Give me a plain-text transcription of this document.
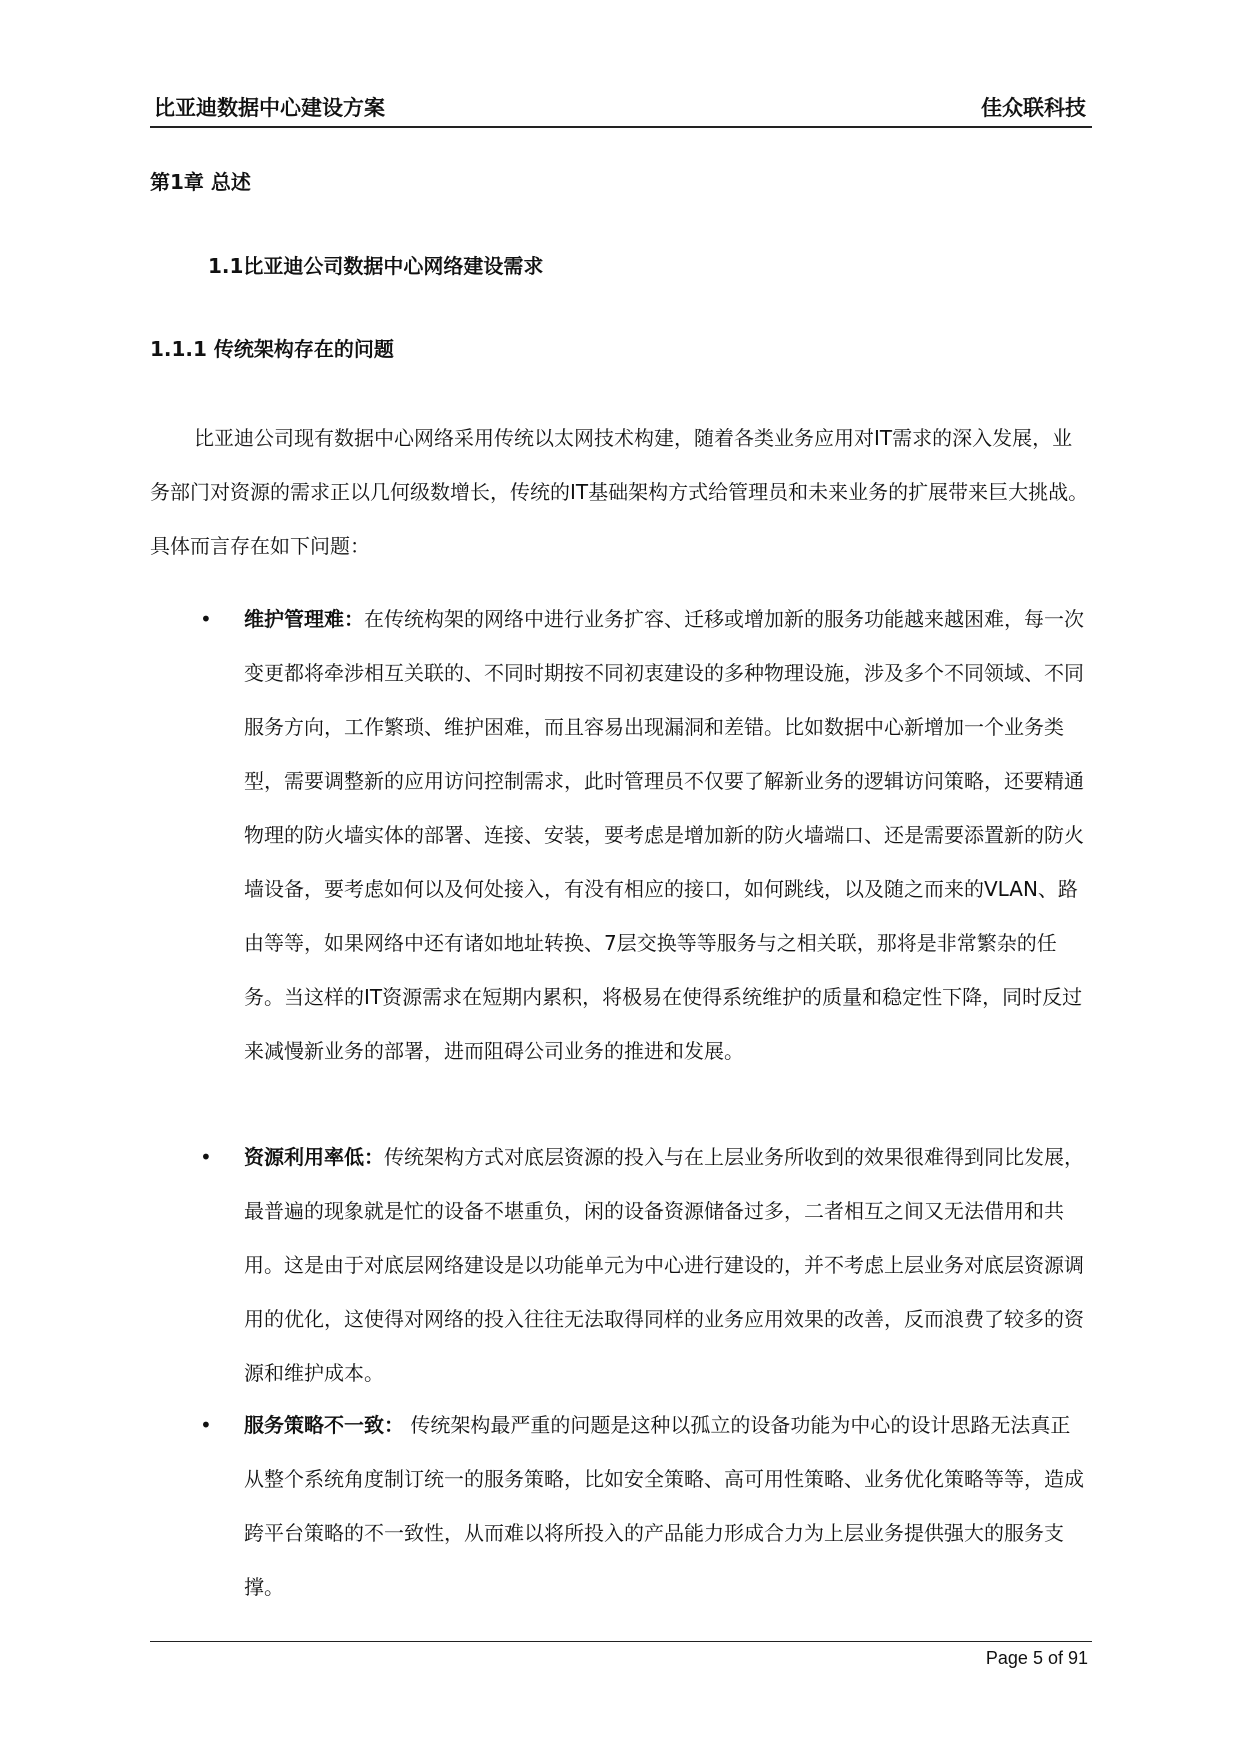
比亚迪数据中心建设方案	佳众联科技
第1章 总述
1.1比亚迪公司数据中心网络建设需求
1.1.1 传统架构存在的问题

比亚迪公司现有数据中心网络采用传统以太网技术构建，随着各类业务应用对IT需求的深入发展，业务部门对资源的需求正以几何级数增长，传统的IT基础架构方式给管理员和未来业务的扩展带来巨大挑战。具体而言存在如下问题：

• 维护管理难：在传统构架的网络中进行业务扩容、迁移或增加新的服务功能越来越困难，每一次变更都将牵涉相互关联的、不同时期按不同初衷建设的多种物理设施，涉及多个不同领域、不同服务方向，工作繁琐、维护困难，而且容易出现漏洞和差错。比如数据中心新增加一个业务类型，需要调整新的应用访问控制需求，此时管理员不仅要了解新业务的逻辑访问策略，还要精通物理的防火墙实体的部署、连接、安装，要考虑是增加新的防火墙端口、还是需要添置新的防火墙设备，要考虑如何以及何处接入，有没有相应的接口，如何跳线，以及随之而来的VLAN、路由等等，如果网络中还有诸如地址转换、7层交换等等服务与之相关联，那将是非常繁杂的任务。当这样的IT资源需求在短期内累积，将极易在使得系统维护的质量和稳定性下降，同时反过来减慢新业务的部署，进而阻碍公司业务的推进和发展。

• 资源利用率低：传统架构方式对底层资源的投入与在上层业务所收到的效果很难得到同比发展，最普遍的现象就是忙的设备不堪重负，闲的设备资源储备过多，二者相互之间又无法借用和共用。这是由于对底层网络建设是以功能单元为中心进行建设的，并不考虑上层业务对底层资源调用的优化，这使得对网络的投入往往无法取得同样的业务应用效果的改善，反而浪费了较多的资源和维护成本。

• 服务策略不一致： 传统架构最严重的问题是这种以孤立的设备功能为中心的设计思路无法真正从整个系统角度制订统一的服务策略，比如安全策略、高可用性策略、业务优化策略等等，造成跨平台策略的不一致性，从而难以将所投入的产品能力形成合力为上层业务提供强大的服务支撑。

Page 5 of 91
